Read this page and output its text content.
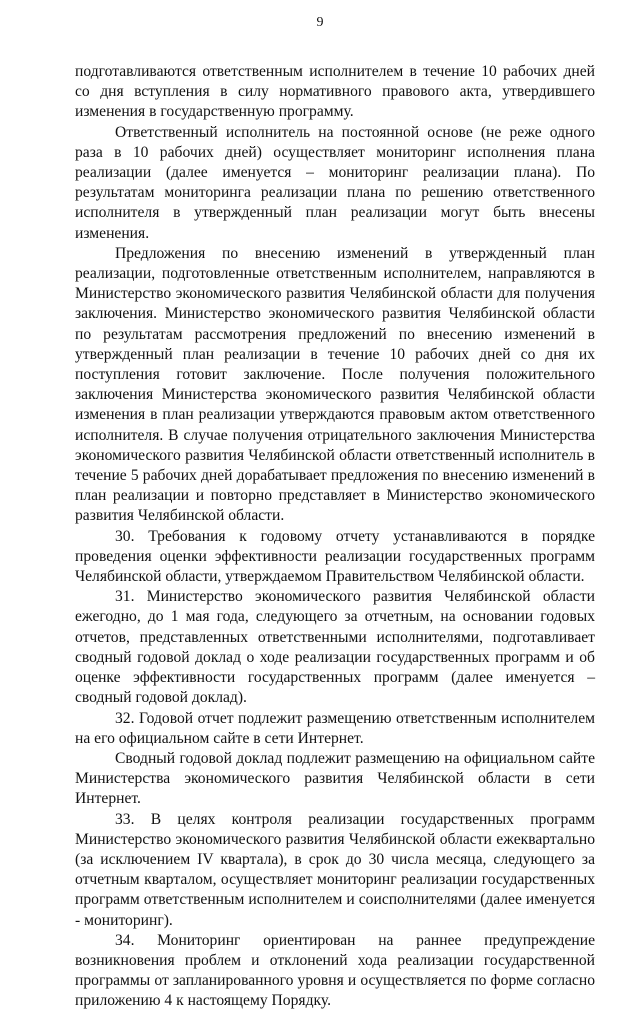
9

подготавливаются ответственным исполнителем в течение 10 рабочих дней со дня вступления в силу нормативного правового акта, утвердившего изменения в государственную программу.

Ответственный исполнитель на постоянной основе (не реже одного раза в 10 рабочих дней) осуществляет мониторинг исполнения плана реализации (далее именуется – мониторинг реализации плана). По результатам мониторинга реализации плана по решению ответственного исполнителя в утвержденный план реализации могут быть внесены изменения.

Предложения по внесению изменений в утвержденный план реализации, подготовленные ответственным исполнителем, направляются в Министерство экономического развития Челябинской области для получения заключения. Министерство экономического развития Челябинской области по результатам рассмотрения предложений по внесению изменений в утвержденный план реализации в течение 10 рабочих дней со дня их поступления готовит заключение. После получения положительного заключения Министерства экономического развития Челябинской области изменения в план реализации утверждаются правовым актом ответственного исполнителя. В случае получения отрицательного заключения Министерства экономического развития Челябинской области ответственный исполнитель в течение 5 рабочих дней дорабатывает предложения по внесению изменений в план реализации и повторно представляет в Министерство экономического развития Челябинской области.

30. Требования к годовому отчету устанавливаются в порядке проведения оценки эффективности реализации государственных программ Челябинской области, утверждаемом Правительством Челябинской области.

31. Министерство экономического развития Челябинской области ежегодно, до 1 мая года, следующего за отчетным, на основании годовых отчетов, представленных ответственными исполнителями, подготавливает сводный годовой доклад о ходе реализации государственных программ и об оценке эффективности государственных программ (далее именуется – сводный годовой доклад).

32. Годовой отчет подлежит размещению ответственным исполнителем на его официальном сайте в сети Интернет.

Сводный годовой доклад подлежит размещению на официальном сайте Министерства экономического развития Челябинской области в сети Интернет.

33. В целях контроля реализации государственных программ Министерство экономического развития Челябинской области ежеквартально (за исключением IV квартала), в срок до 30 числа месяца, следующего за отчетным кварталом, осуществляет мониторинг реализации государственных программ ответственным исполнителем и соисполнителями (далее именуется - мониторинг).

34. Мониторинг ориентирован на раннее предупреждение возникновения проблем и отклонений хода реализации государственной программы от запланированного уровня и осуществляется по форме согласно приложению 4 к настоящему Порядку.
